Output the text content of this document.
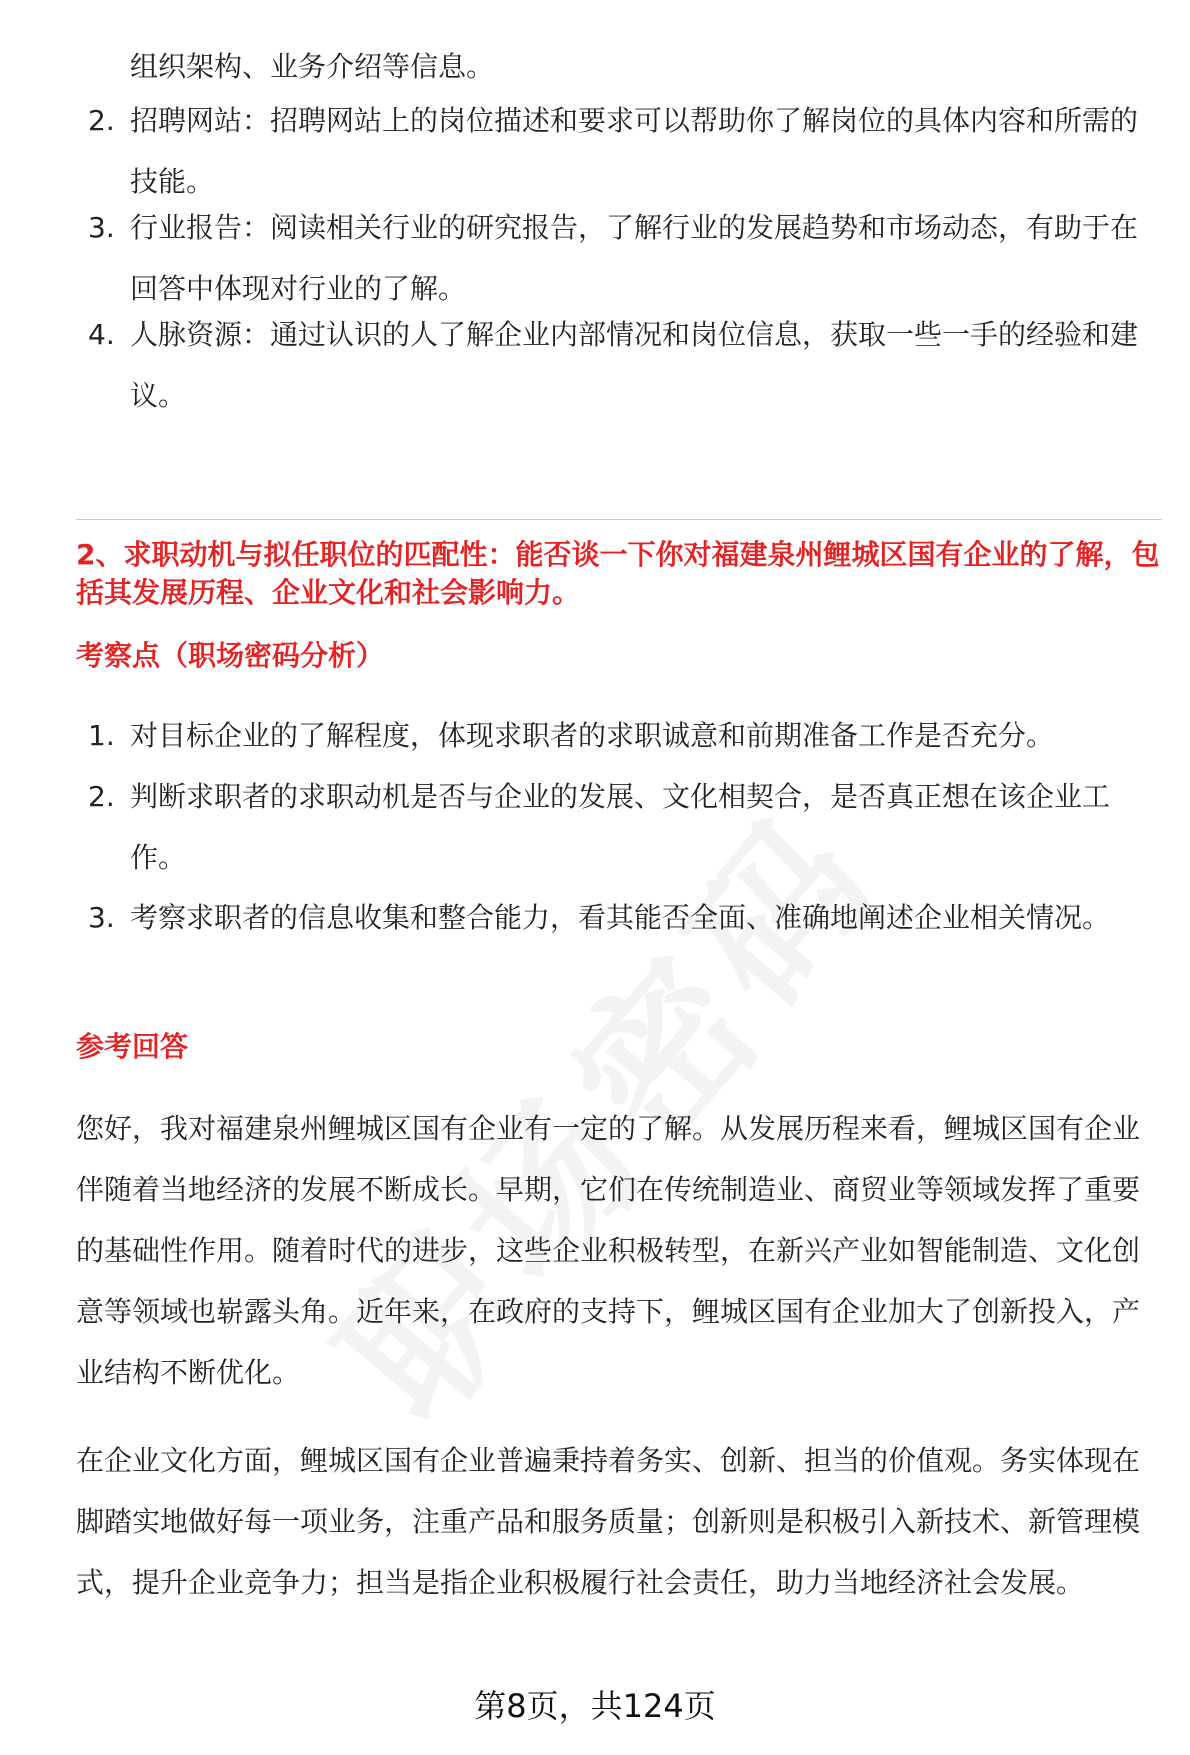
组织架构、业务介绍等信息。
2. 招聘网站：招聘网站上的岗位描述和要求可以帮助你了解岗位的具体内容和所需的技能。
3. 行业报告：阅读相关行业的研究报告，了解行业的发展趋势和市场动态，有助于在回答中体现对行业的了解。
4. 人脉资源：通过认识的人了解企业内部情况和岗位信息，获取一些一手的经验和建议。
2、求职动机与拟任职位的匹配性：能否谈一下你对福建泉州鲤城区国有企业的了解，包括其发展历程、企业文化和社会影响力。
考察点（职场密码分析）
1. 对目标企业的了解程度，体现求职者的求职诚意和前期准备工作是否充分。
2. 判断求职者的求职动机是否与企业的发展、文化相契合，是否真正想在该企业工作。
3. 考察求职者的信息收集和整合能力，看其能否全面、准确地阐述企业相关情况。
参考回答
您好，我对福建泉州鲤城区国有企业有一定的了解。从发展历程来看，鲤城区国有企业伴随着当地经济的发展不断成长。早期，它们在传统制造业、商贸业等领域发挥了重要的基础性作用。随着时代的进步，这些企业积极转型，在新兴产业如智能制造、文化创意等领域也崭露头角。近年来，在政府的支持下，鲤城区国有企业加大了创新投入，产业结构不断优化。
在企业文化方面，鲤城区国有企业普遍秉持着务实、创新、担当的价值观。务实体现在脚踏实地做好每一项业务，注重产品和服务质量；创新则是积极引入新技术、新管理模式，提升企业竞争力；担当是指企业积极履行社会责任，助力当地经济社会发展。
第8页，共124页
